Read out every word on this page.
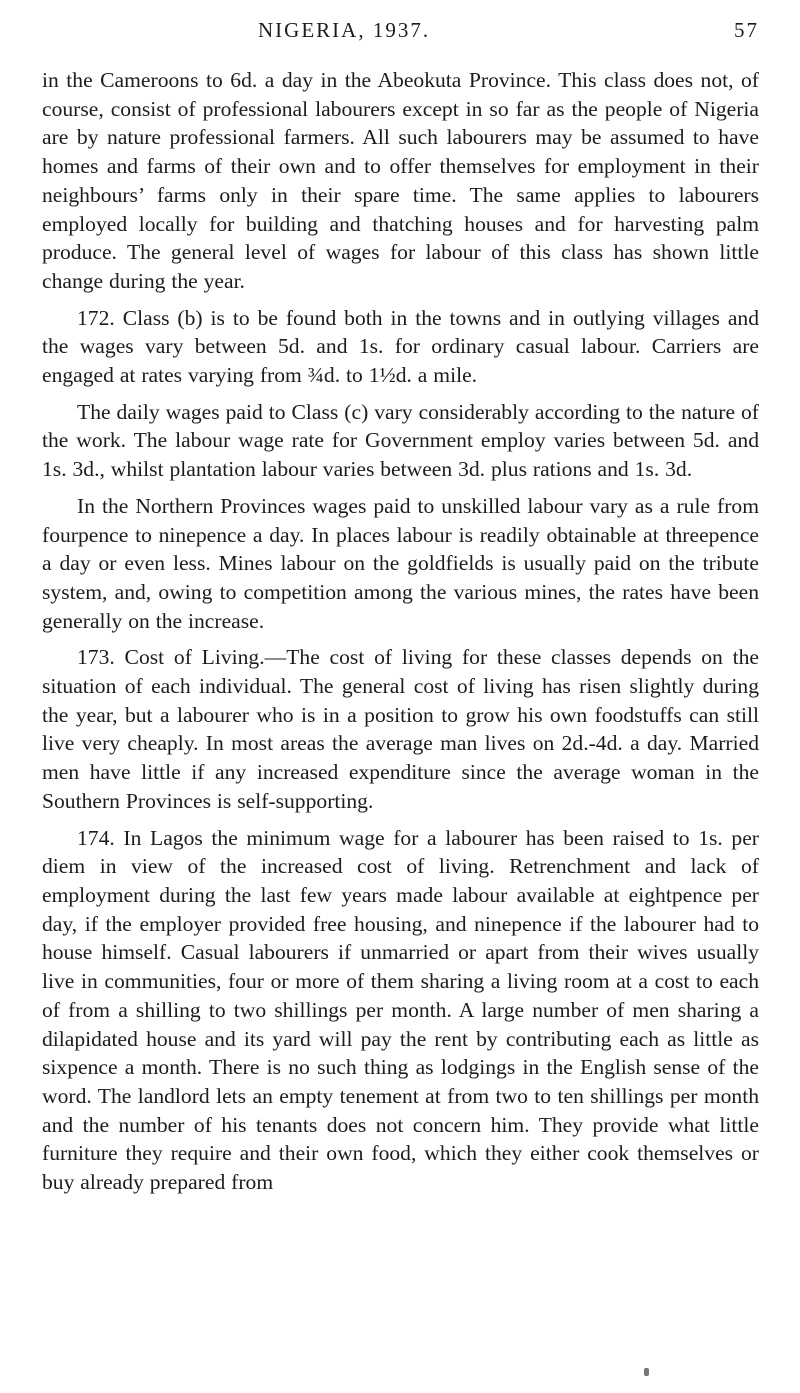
NIGERIA, 1937.	57

in the Cameroons to 6d. a day in the Abeokuta Province. This class does not, of course, consist of professional labourers except in so far as the people of Nigeria are by nature professional farmers. All such labourers may be assumed to have homes and farms of their own and to offer themselves for employment in their neighbours’ farms only in their spare time. The same applies to labourers employed locally for building and thatching houses and for harvesting palm produce. The general level of wages for labour of this class has shown little change during the year.

172. Class (b) is to be found both in the towns and in outlying villages and the wages vary between 5d. and 1s. for ordinary casual labour. Carriers are engaged at rates varying from ¾d. to 1½d. a mile.

The daily wages paid to Class (c) vary considerably according to the nature of the work. The labour wage rate for Government employ varies between 5d. and 1s. 3d., whilst plantation labour varies between 3d. plus rations and 1s. 3d.

In the Northern Provinces wages paid to unskilled labour vary as a rule from fourpence to ninepence a day. In places labour is readily obtainable at threepence a day or even less. Mines labour on the goldfields is usually paid on the tribute system, and, owing to competition among the various mines, the rates have been generally on the increase.

173. Cost of Living.—The cost of living for these classes depends on the situation of each individual. The general cost of living has risen slightly during the year, but a labourer who is in a position to grow his own foodstuffs can still live very cheaply. In most areas the average man lives on 2d.-4d. a day. Married men have little if any increased expenditure since the average woman in the Southern Provinces is self-supporting.

174. In Lagos the minimum wage for a labourer has been raised to 1s. per diem in view of the increased cost of living. Retrenchment and lack of employment during the last few years made labour available at eightpence per day, if the employer provided free housing, and ninepence if the labourer had to house himself. Casual labourers if unmarried or apart from their wives usually live in communities, four or more of them sharing a living room at a cost to each of from a shilling to two shillings per month. A large number of men sharing a dilapidated house and its yard will pay the rent by contributing each as little as sixpence a month. There is no such thing as lodgings in the English sense of the word. The landlord lets an empty tenement at from two to ten shillings per month and the number of his tenants does not concern him. They provide what little furniture they require and their own food, which they either cook themselves or buy already prepared from
